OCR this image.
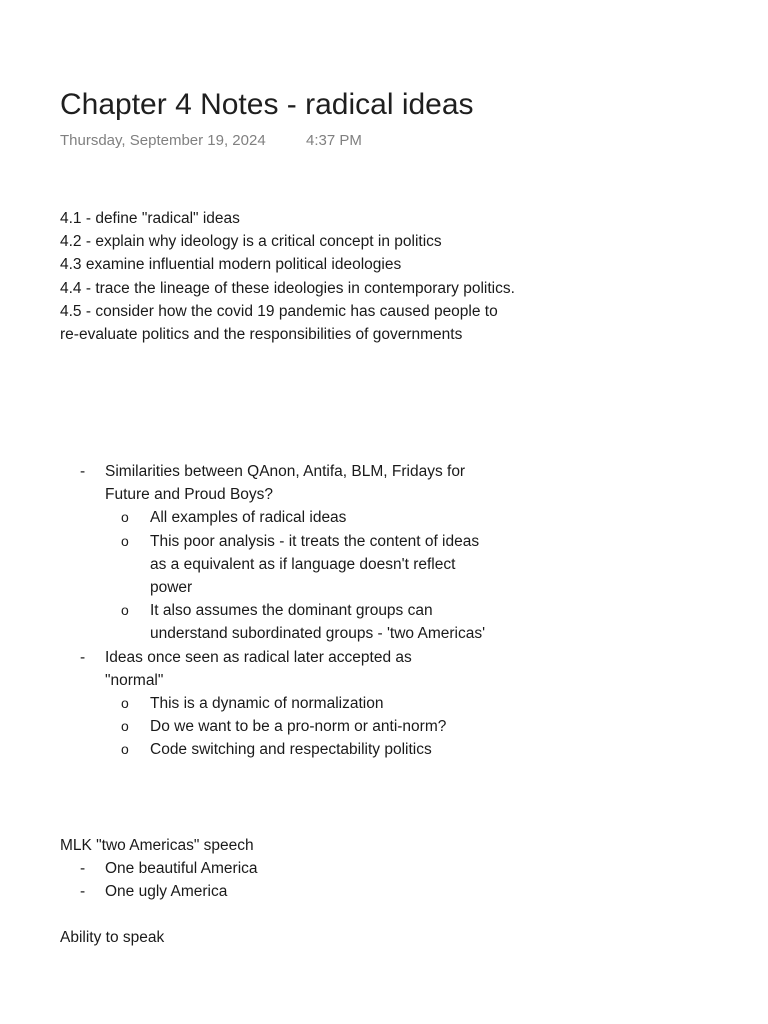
Chapter 4 Notes - radical ideas
Thursday, September 19, 2024	4:37 PM
4.1 - define "radical" ideas
4.2 - explain why ideology is a critical concept in politics
4.3 examine influential modern political ideologies
4.4 - trace the lineage of these ideologies in contemporary politics.
4.5 - consider how the covid 19 pandemic has caused people to re-evaluate politics and the responsibilities of governments
-	Similarities between QAnon, Antifa, BLM, Fridays for Future and Proud Boys?
o All examples of radical ideas
o This poor analysis - it treats the content of ideas as a equivalent as if language doesn't reflect power
o It also assumes the dominant groups can understand subordinated groups - 'two Americas'
-	Ideas once seen as radical later accepted as "normal"
o This is a dynamic of normalization
o Do we want to be a pro-norm or anti-norm?
o Code switching and respectability politics
MLK "two Americas" speech
-	One beautiful America
-	One ugly America
Ability to speak
